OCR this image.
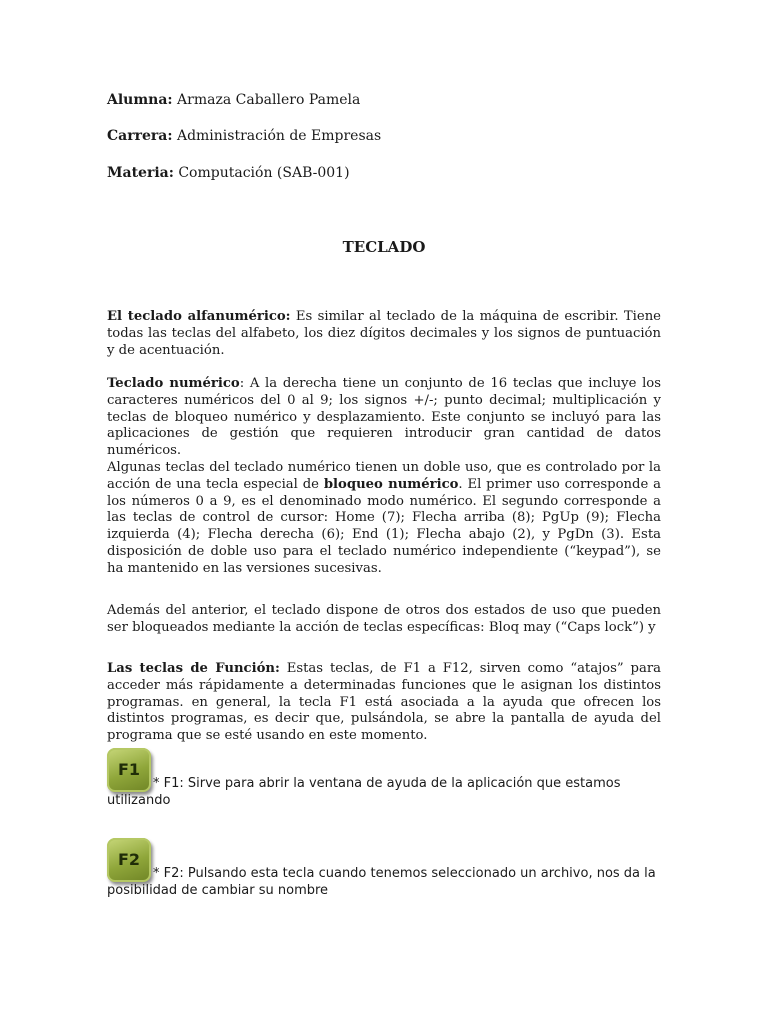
Alumna: Armaza Caballero Pamela
Carrera: Administración de Empresas
Materia: Computación (SAB-001)
TECLADO
El teclado alfanumérico: Es similar al teclado de la máquina de escribir. Tiene todas las teclas del alfabeto, los diez dígitos decimales y los signos de puntuación y de acentuación.
Teclado numérico: A la derecha tiene un conjunto de 16 teclas que incluye los caracteres numéricos del 0 al 9; los signos +/-; punto decimal; multiplicación y teclas de bloqueo numérico y desplazamiento. Este conjunto se incluyó para las aplicaciones de gestión que requieren introducir gran cantidad de datos numéricos.
Algunas teclas del teclado numérico tienen un doble uso, que es controlado por la acción de una tecla especial de bloqueo numérico. El primer uso corresponde a los números 0 a 9, es el denominado modo numérico. El segundo corresponde a las teclas de control de cursor: Home (7); Flecha arriba (8); PgUp (9); Flecha izquierda (4); Flecha derecha (6); End (1); Flecha abajo (2), y PgDn (3). Esta disposición de doble uso para el teclado numérico independiente (“keypad”), se ha mantenido en las versiones sucesivas.
Además del anterior, el teclado dispone de otros dos estados de uso que pueden ser bloqueados mediante la acción de teclas específicas: Bloq may (“Caps lock”) y
Las teclas de Función: Estas teclas, de F1 a F12, sirven como “atajos” para acceder más rápidamente a determinadas funciones que le asignan los distintos programas. en general, la tecla F1 está asociada a la ayuda que ofrecen los distintos programas, es decir que, pulsándola, se abre la pantalla de ayuda del programa que se esté usando en este momento.
F1* F1: Sirve para abrir la ventana de ayuda de la aplicación que estamos utilizando
F2* F2: Pulsando esta tecla cuando tenemos seleccionado un archivo, nos da la posibilidad de cambiar su nombre
